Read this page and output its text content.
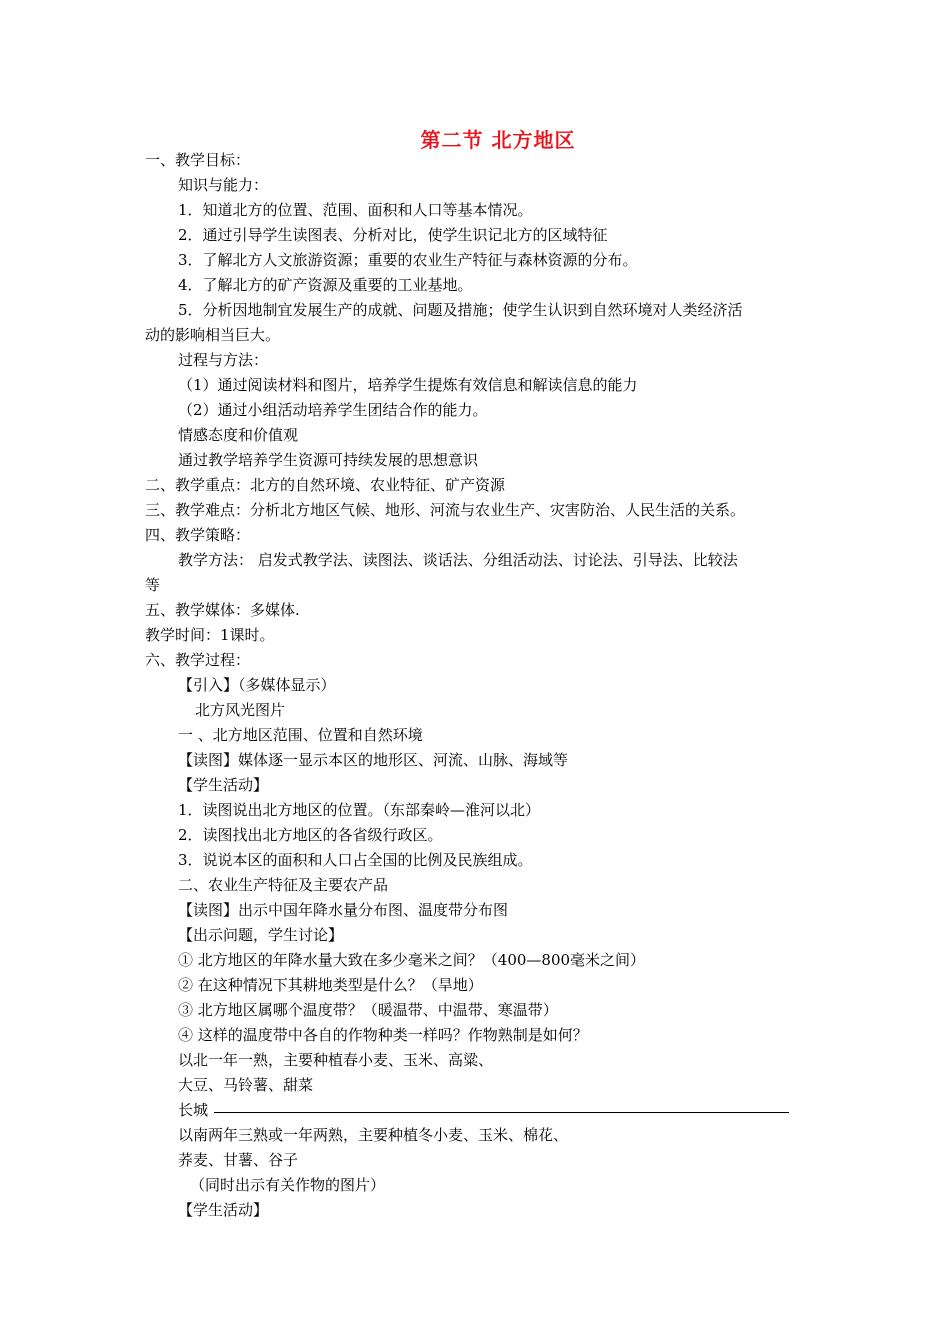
第二节 北方地区
一、教学目标：
知识与能力：
1．知道北方的位置、范围、面积和人口等基本情况。
2．通过引导学生读图表、分析对比，使学生识记北方的区域特征
3．了解北方人文旅游资源；重要的农业生产特征与森林资源的分布。
4．了解北方的矿产资源及重要的工业基地。
5．分析因地制宜发展生产的成就、问题及措施；使学生认识到自然环境对人类经济活
动的影响相当巨大。
过程与方法：
（1）通过阅读材料和图片，培养学生提炼有效信息和解读信息的能力
（2）通过小组活动培养学生团结合作的能力。
情感态度和价值观
通过教学培养学生资源可持续发展的思想意识
二、教学重点：北方的自然环境、农业特征、矿产资源
三、教学难点：分析北方地区气候、地形、河流与农业生产、灾害防治、人民生活的关系。
四、教学策略：
教学方法： 启发式教学法、读图法、谈话法、分组活动法、讨论法、引导法、比较法
等
五、教学媒体：多媒体.
教学时间：1课时。
六、教学过程：
【引入】（多媒体显示）
北方风光图片
一 、北方地区范围、位置和自然环境
【读图】媒体逐一显示本区的地形区、河流、山脉、海域等
【学生活动】
1．读图说出北方地区的位置。（东部秦岭—淮河以北）
2．读图找出北方地区的各省级行政区。
3．说说本区的面积和人口占全国的比例及民族组成。
二、农业生产特征及主要农产品
【读图】出示中国年降水量分布图、温度带分布图
【出示问题，学生讨论】
① 北方地区的年降水量大致在多少毫米之间？（400—800毫米之间）
② 在这种情况下其耕地类型是什么？（旱地）
③ 北方地区属哪个温度带？（暖温带、中温带、寒温带）
④ 这样的温度带中各自的作物种类一样吗？作物熟制是如何？
以北一年一熟，主要种植春小麦、玉米、高粱、
大豆、马铃薯、甜菜
长城
以南两年三熟或一年两熟，主要种植冬小麦、玉米、棉花、
荞麦、甘薯、谷子
（同时出示有关作物的图片）
【学生活动】
